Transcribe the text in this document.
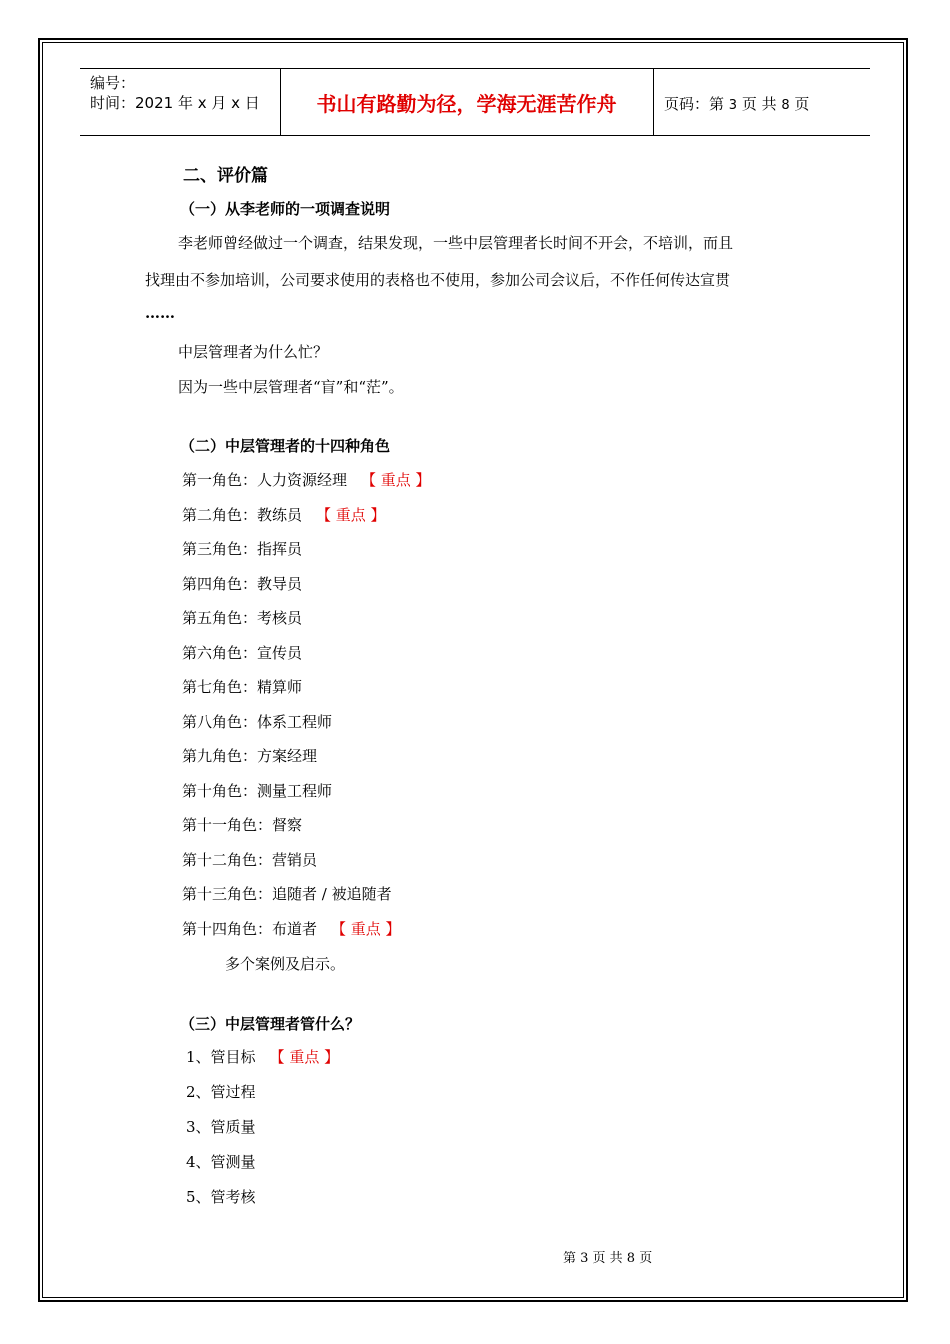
编号：
时间：2021 年 x 月 x 日	书山有路勤为径，学海无涯苦作舟	页码：第 3 页 共 8 页
二、评价篇
（一）从李老师的一项调查说明
李老师曾经做过一个调查，结果发现，一些中层管理者长时间不开会，不培训，而且
找理由不参加培训，公司要求使用的表格也不使用，参加公司会议后，不作任何传达宣贯
……
中层管理者为什么忙？
因为一些中层管理者“盲”和“茫”。
（二）中层管理者的十四种角色
第一角色：人力资源经理 【 重点 】
第二角色：教练员 【 重点 】
第三角色：指挥员
第四角色：教导员
第五角色：考核员
第六角色：宣传员
第七角色：精算师
第八角色：体系工程师
第九角色：方案经理
第十角色：测量工程师
第十一角色：督察
第十二角色：营销员
第十三角色：追随者 / 被追随者
第十四角色：布道者 【 重点 】
多个案例及启示。
（三）中层管理者管什么？
1、管目标 【 重点 】
2、管过程
3、管质量
4、管测量
5、管考核
第 3 页 共 8 页
